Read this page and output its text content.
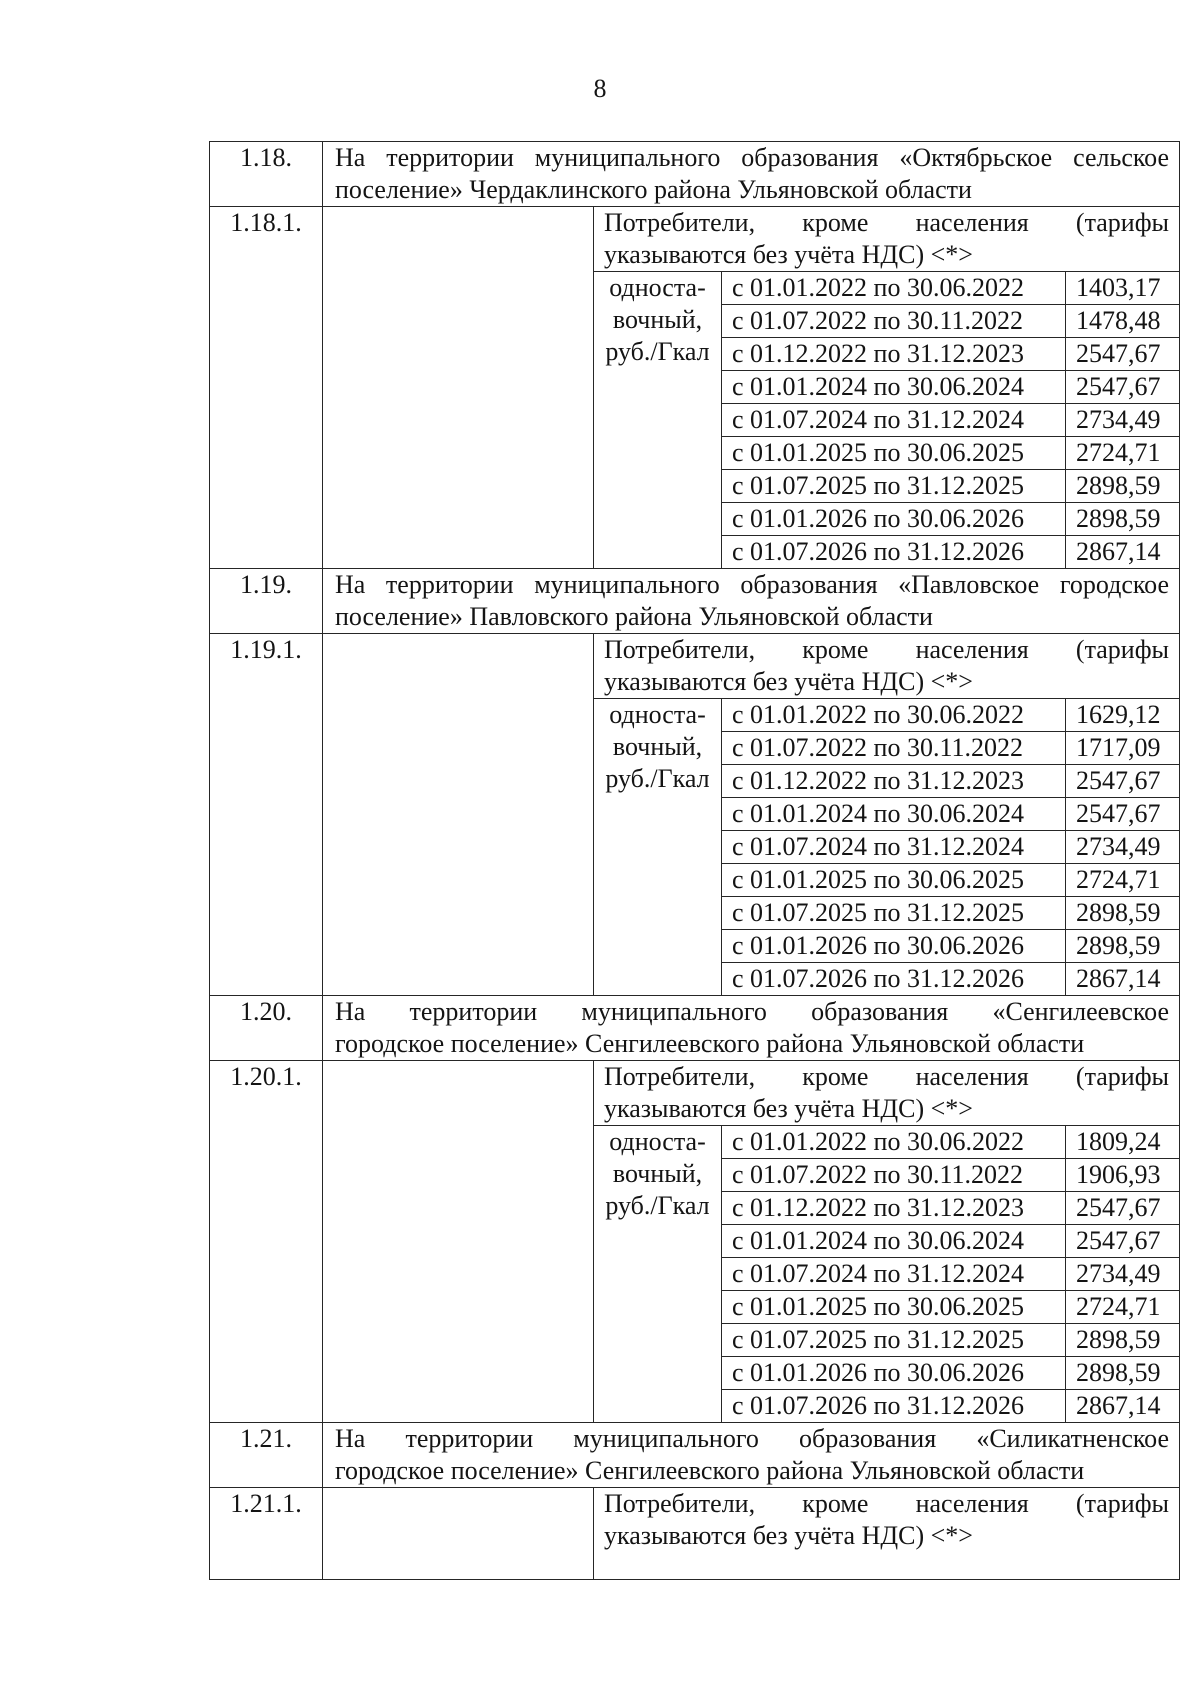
8
1.18.	На территории муниципального образования «Октябрьское сельское
поселение» Чердаклинского района Ульяновской области			

1.18.1.		Потребители, кроме населения (тарифы
указываются без учёта НДС) <*>		

		односта-
вочный,
руб./Гкал	с 01.01.2022 по 30.06.2022	1403,17
			с 01.07.2022 по 30.11.2022	1478,48
			с 01.12.2022 по 31.12.2023	2547,67
			с 01.01.2024 по 30.06.2024	2547,67
			с 01.07.2024 по 31.12.2024	2734,49
			с 01.01.2025 по 30.06.2025	2724,71
			с 01.07.2025 по 31.12.2025	2898,59
			с 01.01.2026 по 30.06.2026	2898,59
			с 01.07.2026 по 31.12.2026	2867,14
1.19.	На территории муниципального образования «Павловское городское
поселение» Павловского района Ульяновской области			

1.19.1.		Потребители, кроме населения (тарифы
указываются без учёта НДС) <*>		

		односта-
вочный,
руб./Гкал	с 01.01.2022 по 30.06.2022	1629,12
			с 01.07.2022 по 30.11.2022	1717,09
			с 01.12.2022 по 31.12.2023	2547,67
			с 01.01.2024 по 30.06.2024	2547,67
			с 01.07.2024 по 31.12.2024	2734,49
			с 01.01.2025 по 30.06.2025	2724,71
			с 01.07.2025 по 31.12.2025	2898,59
			с 01.01.2026 по 30.06.2026	2898,59
			с 01.07.2026 по 31.12.2026	2867,14
1.20.	На территории муниципального образования «Сенгилеевское
городское поселение» Сенгилеевского района Ульяновской области			

1.20.1.		Потребители, кроме населения (тарифы
указываются без учёта НДС) <*>		

		односта-
вочный,
руб./Гкал	с 01.01.2022 по 30.06.2022	1809,24
			с 01.07.2022 по 30.11.2022	1906,93
			с 01.12.2022 по 31.12.2023	2547,67
			с 01.01.2024 по 30.06.2024	2547,67
			с 01.07.2024 по 31.12.2024	2734,49
			с 01.01.2025 по 30.06.2025	2724,71
			с 01.07.2025 по 31.12.2025	2898,59
			с 01.01.2026 по 30.06.2026	2898,59
			с 01.07.2026 по 31.12.2026	2867,14
1.21.	На территории муниципального образования «Силикатненское
городское поселение» Сенгилеевского района Ульяновской области			

1.21.1.		Потребители, кроме населения (тарифы
указываются без учёта НДС) <*>		
